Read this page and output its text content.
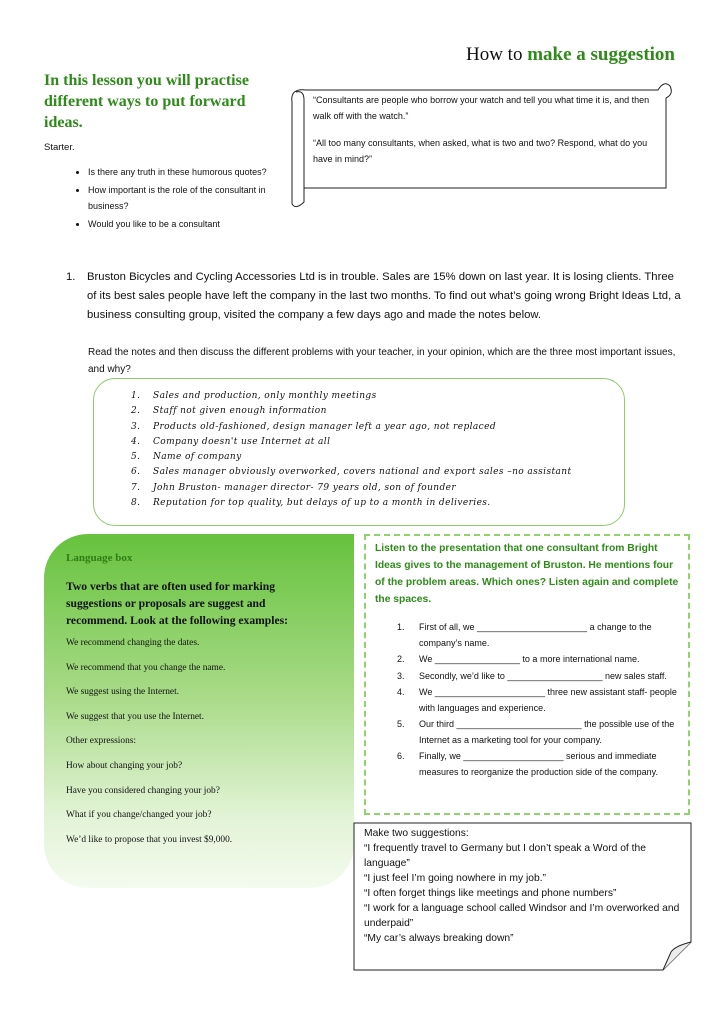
How to make a suggestion
In this lesson you will practise different ways to put forward ideas.
Starter.
• Is there any truth in these humorous quotes?
• How important is the role of the consultant in business?
• Would you like to be a consultant

“Consultants are people who borrow your watch and tell you what time it is, and then walk off with the watch.”

“All too many consultants, when asked, what is two and two? Respond, what do you have in mind?”

1. Bruston Bicycles and Cycling Accessories Ltd is in trouble. Sales are 15% down on last year. It is losing clients. Three of its best sales people have left the company in the last two months. To find out what’s going wrong Bright Ideas Ltd, a business consulting group, visited the company a few days ago and made the notes below.
Read the notes and then discuss the different problems with your teacher, in your opinion, which are the three most important issues, and why?
1. Sales and production, only monthly meetings
2. Staff not given enough information
3. Products old-fashioned, design manager left a year ago, not replaced
4. Company doesn't use Internet at all
5. Name of company
6. Sales manager obviously overworked, covers national and export sales –no assistant
7. John Bruston- manager director- 79 years old, son of founder
8. Reputation for top quality, but delays of up to a month in deliveries.
Language box
Two verbs that are often used for marking suggestions or proposals are suggest and recommend. Look at the following examples:
We recommend changing the dates.
We recommend that you change the name.
We suggest using the Internet.
We suggest that you use the Internet.
Other expressions:
How about changing your job?
Have you considered changing your job?
What if you change/changed your job?
We’d like to propose that you invest $9,000.
Listen to the presentation that one consultant from Bright Ideas gives to the management of Bruston. He mentions four of the problem areas. Which ones? Listen again and complete the spaces.
1. First of all, we ______________________ a change to the company’s name.
2. We _________________ to a more international name.
3. Secondly, we’d like to ___________________ new sales staff.
4. We ______________________ three new assistant staff- people with languages and experience.
5. Our third _________________________ the possible use of the Internet as a marketing tool for your company.
6. Finally, we ____________________ serious and immediate measures to reorganize the production side of the company.
Make two suggestions:
“I frequently travel to Germany but I don’t speak a Word of the language”
“I just feel I’m going nowhere in my job.”
“I often forget things like meetings and phone numbers”
“I work for a language school called Windsor and I’m overworked and underpaid”
“My car’s always breaking down”
